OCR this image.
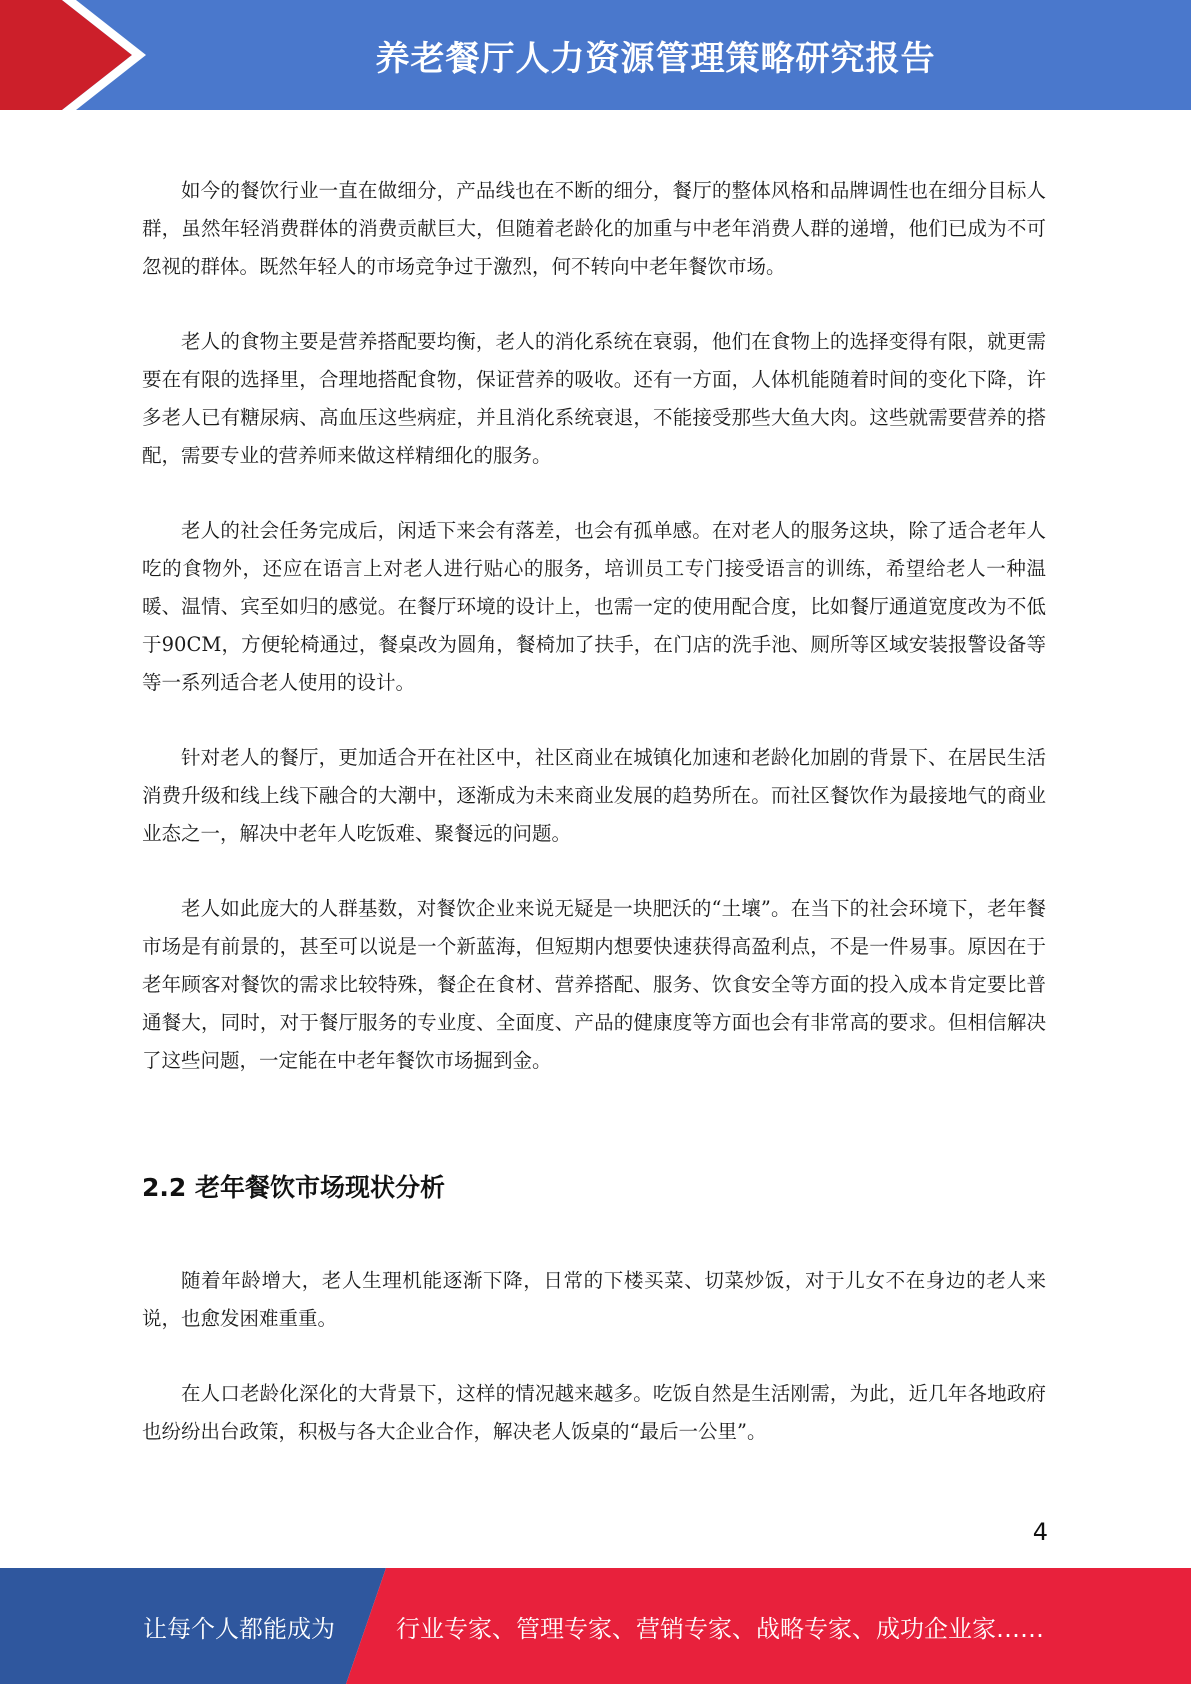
养老餐厅人力资源管理策略研究报告

如今的餐饮行业一直在做细分，产品线也在不断的细分，餐厅的整体风格和品牌调性也在细分目标人群，虽然年轻消费群体的消费贡献巨大，但随着老龄化的加重与中老年消费人群的递增，他们已成为不可忽视的群体。既然年轻人的市场竞争过于激烈，何不转向中老年餐饮市场。

老人的食物主要是营养搭配要均衡，老人的消化系统在衰弱，他们在食物上的选择变得有限，就更需要在有限的选择里，合理地搭配食物，保证营养的吸收。还有一方面，人体机能随着时间的变化下降，许多老人已有糖尿病、高血压这些病症，并且消化系统衰退，不能接受那些大鱼大肉。这些就需要营养的搭配，需要专业的营养师来做这样精细化的服务。

老人的社会任务完成后，闲适下来会有落差，也会有孤单感。在对老人的服务这块，除了适合老年人吃的食物外，还应在语言上对老人进行贴心的服务，培训员工专门接受语言的训练，希望给老人一种温暖、温情、宾至如归的感觉。在餐厅环境的设计上，也需一定的使用配合度，比如餐厅通道宽度改为不低于90CM，方便轮椅通过，餐桌改为圆角，餐椅加了扶手，在门店的洗手池、厕所等区域安装报警设备等等一系列适合老人使用的设计。

针对老人的餐厅，更加适合开在社区中，社区商业在城镇化加速和老龄化加剧的背景下、在居民生活消费升级和线上线下融合的大潮中，逐渐成为未来商业发展的趋势所在。而社区餐饮作为最接地气的商业业态之一，解决中老年人吃饭难、聚餐远的问题。

老人如此庞大的人群基数，对餐饮企业来说无疑是一块肥沃的“土壤”。在当下的社会环境下，老年餐市场是有前景的，甚至可以说是一个新蓝海，但短期内想要快速获得高盈利点，不是一件易事。原因在于老年顾客对餐饮的需求比较特殊，餐企在食材、营养搭配、服务、饮食安全等方面的投入成本肯定要比普通餐大，同时，对于餐厅服务的专业度、全面度、产品的健康度等方面也会有非常高的要求。但相信解决了这些问题，一定能在中老年餐饮市场掘到金。

2.2 老年餐饮市场现状分析

随着年龄增大，老人生理机能逐渐下降，日常的下楼买菜、切菜炒饭，对于儿女不在身边的老人来说，也愈发困难重重。

在人口老龄化深化的大背景下，这样的情况越来越多。吃饭自然是生活刚需，为此，近几年各地政府也纷纷出台政策，积极与各大企业合作，解决老人饭桌的“最后一公里”。

4
让每个人都能成为	行业专家、管理专家、营销专家、战略专家、成功企业家……
